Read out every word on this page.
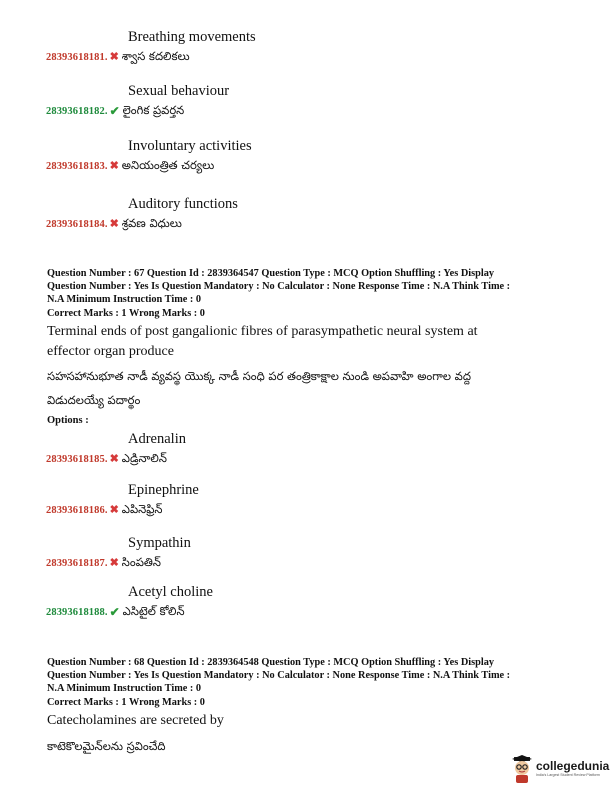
Breathing movements
28393618181. ✖ శ్వాస కదలికలు
Sexual behaviour
28393618182. ✔ లైంగిక ప్రవర్తన
Involuntary activities
28393618183. ✖ అనియంత్రిత చర్యలు
Auditory functions
28393618184. ✖ శ్రవణ విధులు
Question Number : 67 Question Id : 2839364547 Question Type : MCQ Option Shuffling : Yes Display
Question Number : Yes Is Question Mandatory : No Calculator : None Response Time : N.A Think Time :
N.A Minimum Instruction Time : 0
Correct Marks : 1 Wrong Marks : 0
Terminal ends of post gangalionic fibres of parasympathetic neural system at
effector organ produce
సహసహానుభూత నాడీ వ్యవస్థ యొక్క నాడీ సంధి పర తంత్రికాక్షాల నుండి అపవాహి అంగాల వద్ద
విడుదలయ్యే పదార్థం
Options :
Adrenalin
28393618185. ✖ ఎడ్రినాలిన్
Epinephrine
28393618186. ✖ ఎపినెఫ్రిన్
Sympathin
28393618187. ✖ సింపతిన్
Acetyl choline
28393618188. ✔ ఎసిటైల్ కోలిన్
Question Number : 68 Question Id : 2839364548 Question Type : MCQ Option Shuffling : Yes Display
Question Number : Yes Is Question Mandatory : No Calculator : None Response Time : N.A Think Time :
N.A Minimum Instruction Time : 0
Correct Marks : 1 Wrong Marks : 0
Catecholamines are secreted by
కాటెకొలమైన్‌లను స్రవించేది
collegedunia
India's Largest Student Review Platform
